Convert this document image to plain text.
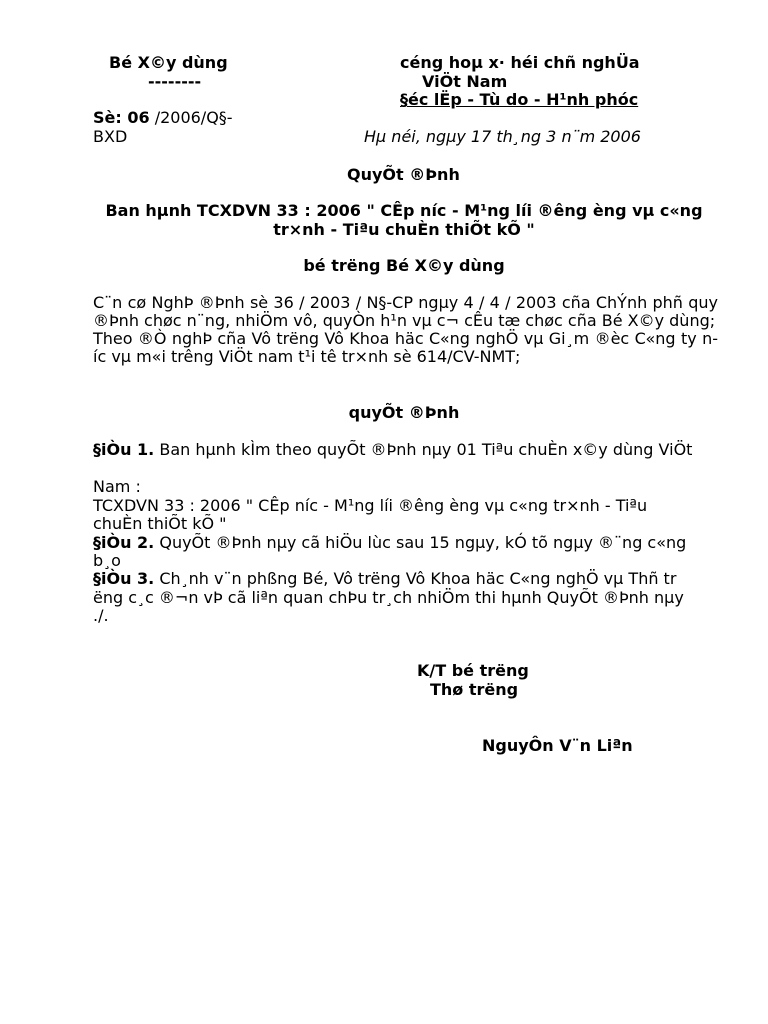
Bé X©y dùng
--------
céng hoµ x· héi chñ nghÜa
ViÖt Nam
§éc lËp - Tù do - H¹nh phóc
Sè: 06 /2006/Q§-
BXD	Hµ néi, ngµy 17 th¸ng 3 n¨m 2006
QuyÕt ®Þnh
Ban hµnh TCXDVN 33 : 2006 " CÊp níc - M¹ng líi ®êng èng vµ c«ng
tr×nh - Tiªu chuÈn thiÕt kÕ "
bé trëng Bé X©y dùng

C¨n cø NghÞ ®Þnh sè 36 / 2003 / N§-CP ngµy 4 / 4 / 2003 cña ChÝnh phñ quy ®Þnh chøc n¨ng, nhiÖm vô, quyÒn h¹n vµ c¬ cÊu tæ chøc cña Bé X©y dùng;

Theo ®Ò nghÞ cña Vô trëng Vô Khoa häc C«ng nghÖ vµ Gi¸m ®èc C«ng ty níc vµ m«i trêng ViÖt nam t¹i tê tr×nh sè 614/CV-NMT;

quyÕt ®Þnh
§iÒu 1. Ban hµnh kÌm theo quyÕt ®Þnh nµy 01 Tiªu chuÈn x©y dùng ViÖt
Nam :
TCXDVN 33 : 2006 " CÊp níc - M¹ng líi ®êng èng vµ c«ng tr×nh - Tiªu
chuÈn thiÕt kÕ "
§iÒu 2. QuyÕt ®Þnh nµy cã hiÖu lùc sau 15 ngµy, kÓ tõ ngµy ®¨ng c«ng
b¸o
§iÒu 3. Ch¸nh v¨n phßng Bé, Vô trëng Vô Khoa häc C«ng nghÖ vµ Thñ tr
ëng c¸c ®¬n vÞ cã liªn quan chÞu tr¸ch nhiÖm thi hµnh QuyÕt ®Þnh nµy
./.
K/T bé trëng
Thø trëng
NguyÔn V¨n Liªn
